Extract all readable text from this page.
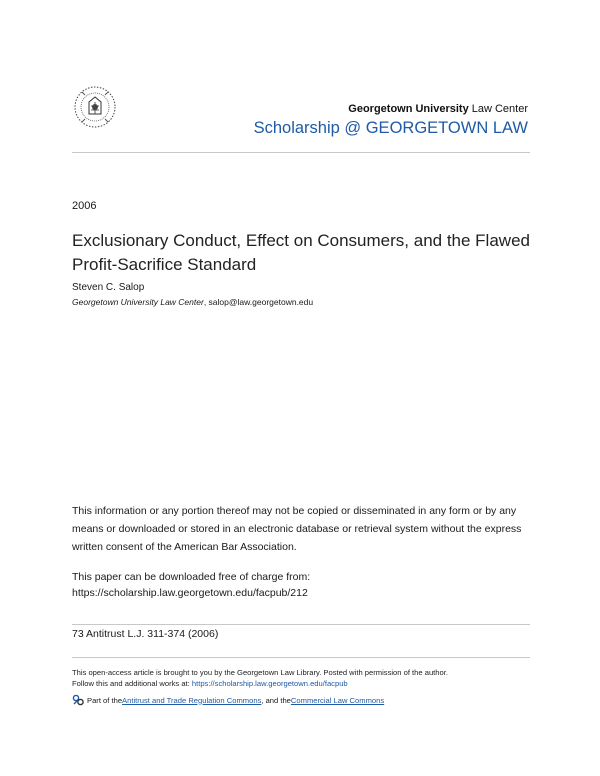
Georgetown University Law Center
Scholarship @ GEORGETOWN LAW
2006
Exclusionary Conduct, Effect on Consumers, and the Flawed Profit-Sacrifice Standard
Steven C. Salop
Georgetown University Law Center, salop@law.georgetown.edu
This information or any portion thereof may not be copied or disseminated in any form or by any means or downloaded or stored in an electronic database or retrieval system without the express written consent of the American Bar Association.
This paper can be downloaded free of charge from:
https://scholarship.law.georgetown.edu/facpub/212
73 Antitrust L.J. 311-374 (2006)
This open-access article is brought to you by the Georgetown Law Library. Posted with permission of the author.
Follow this and additional works at: https://scholarship.law.georgetown.edu/facpub
Part of the Antitrust and Trade Regulation Commons , and the Commercial Law Commons
